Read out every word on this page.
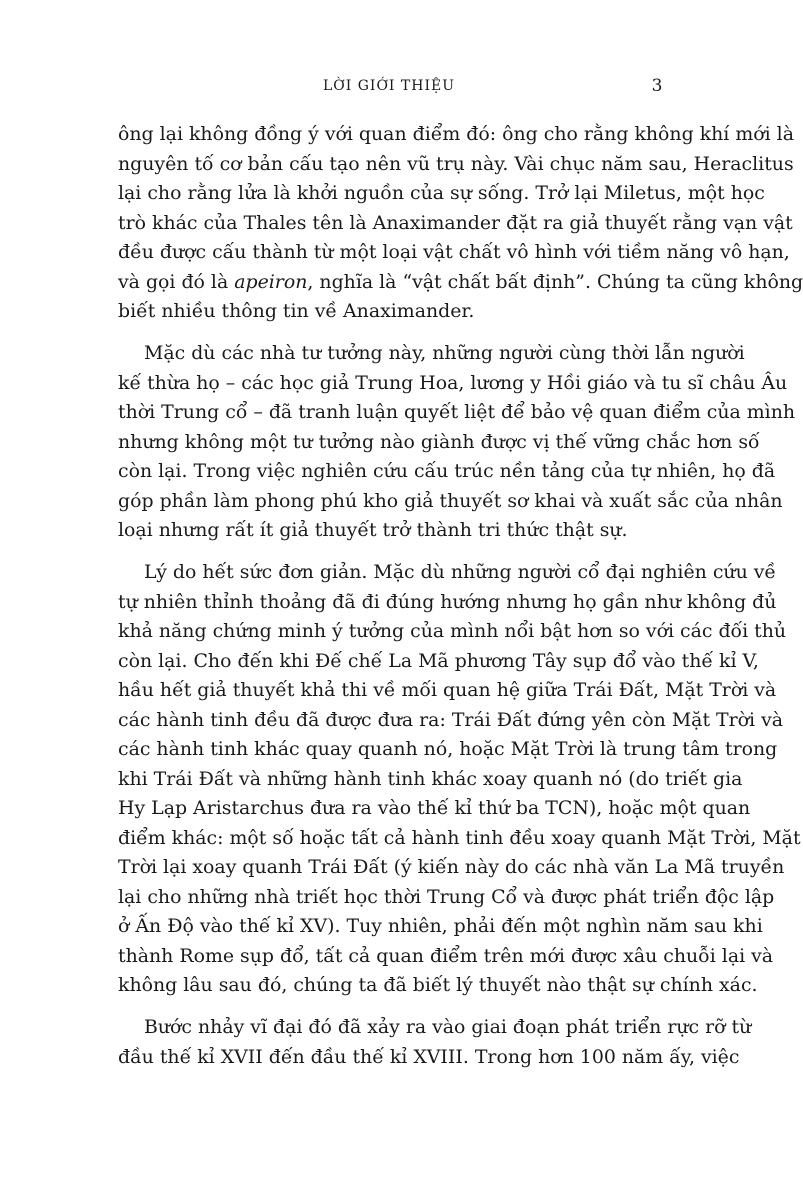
LỜI GIỚI THIỆU	3
ông lại không đồng ý với quan điểm đó: ông cho rằng không khí mới là
nguyên tố cơ bản cấu tạo nên vũ trụ này. Vài chục năm sau, Heraclitus
lại cho rằng lửa là khởi nguồn của sự sống. Trở lại Miletus, một học
trò khác của Thales tên là Anaximander đặt ra giả thuyết rằng vạn vật
đều được cấu thành từ một loại vật chất vô hình với tiềm năng vô hạn,
và gọi đó là apeiron, nghĩa là “vật chất bất định”. Chúng ta cũng không
biết nhiều thông tin về Anaximander.
Mặc dù các nhà tư tưởng này, những người cùng thời lẫn người
kế thừa họ – các học giả Trung Hoa, lương y Hồi giáo và tu sĩ châu Âu
thời Trung cổ – đã tranh luận quyết liệt để bảo vệ quan điểm của mình
nhưng không một tư tưởng nào giành được vị thế vững chắc hơn số
còn lại. Trong việc nghiên cứu cấu trúc nền tảng của tự nhiên, họ đã
góp phần làm phong phú kho giả thuyết sơ khai và xuất sắc của nhân
loại nhưng rất ít giả thuyết trở thành tri thức thật sự.
Lý do hết sức đơn giản. Mặc dù những người cổ đại nghiên cứu về
tự nhiên thỉnh thoảng đã đi đúng hướng nhưng họ gần như không đủ
khả năng chứng minh ý tưởng của mình nổi bật hơn so với các đối thủ
còn lại. Cho đến khi Đế chế La Mã phương Tây sụp đổ vào thế kỉ V,
hầu hết giả thuyết khả thi về mối quan hệ giữa Trái Đất, Mặt Trời và
các hành tinh đều đã được đưa ra: Trái Đất đứng yên còn Mặt Trời và
các hành tinh khác quay quanh nó, hoặc Mặt Trời là trung tâm trong
khi Trái Đất và những hành tinh khác xoay quanh nó (do triết gia
Hy Lạp Aristarchus đưa ra vào thế kỉ thứ ba TCN), hoặc một quan
điểm khác: một số hoặc tất cả hành tinh đều xoay quanh Mặt Trời, Mặt
Trời lại xoay quanh Trái Đất (ý kiến này do các nhà văn La Mã truyền
lại cho những nhà triết học thời Trung Cổ và được phát triển độc lập
ở Ấn Độ vào thế kỉ XV). Tuy nhiên, phải đến một nghìn năm sau khi
thành Rome sụp đổ, tất cả quan điểm trên mới được xâu chuỗi lại và
không lâu sau đó, chúng ta đã biết lý thuyết nào thật sự chính xác.
Bước nhảy vĩ đại đó đã xảy ra vào giai đoạn phát triển rực rỡ từ
đầu thế kỉ XVII đến đầu thế kỉ XVIII. Trong hơn 100 năm ấy, việc
